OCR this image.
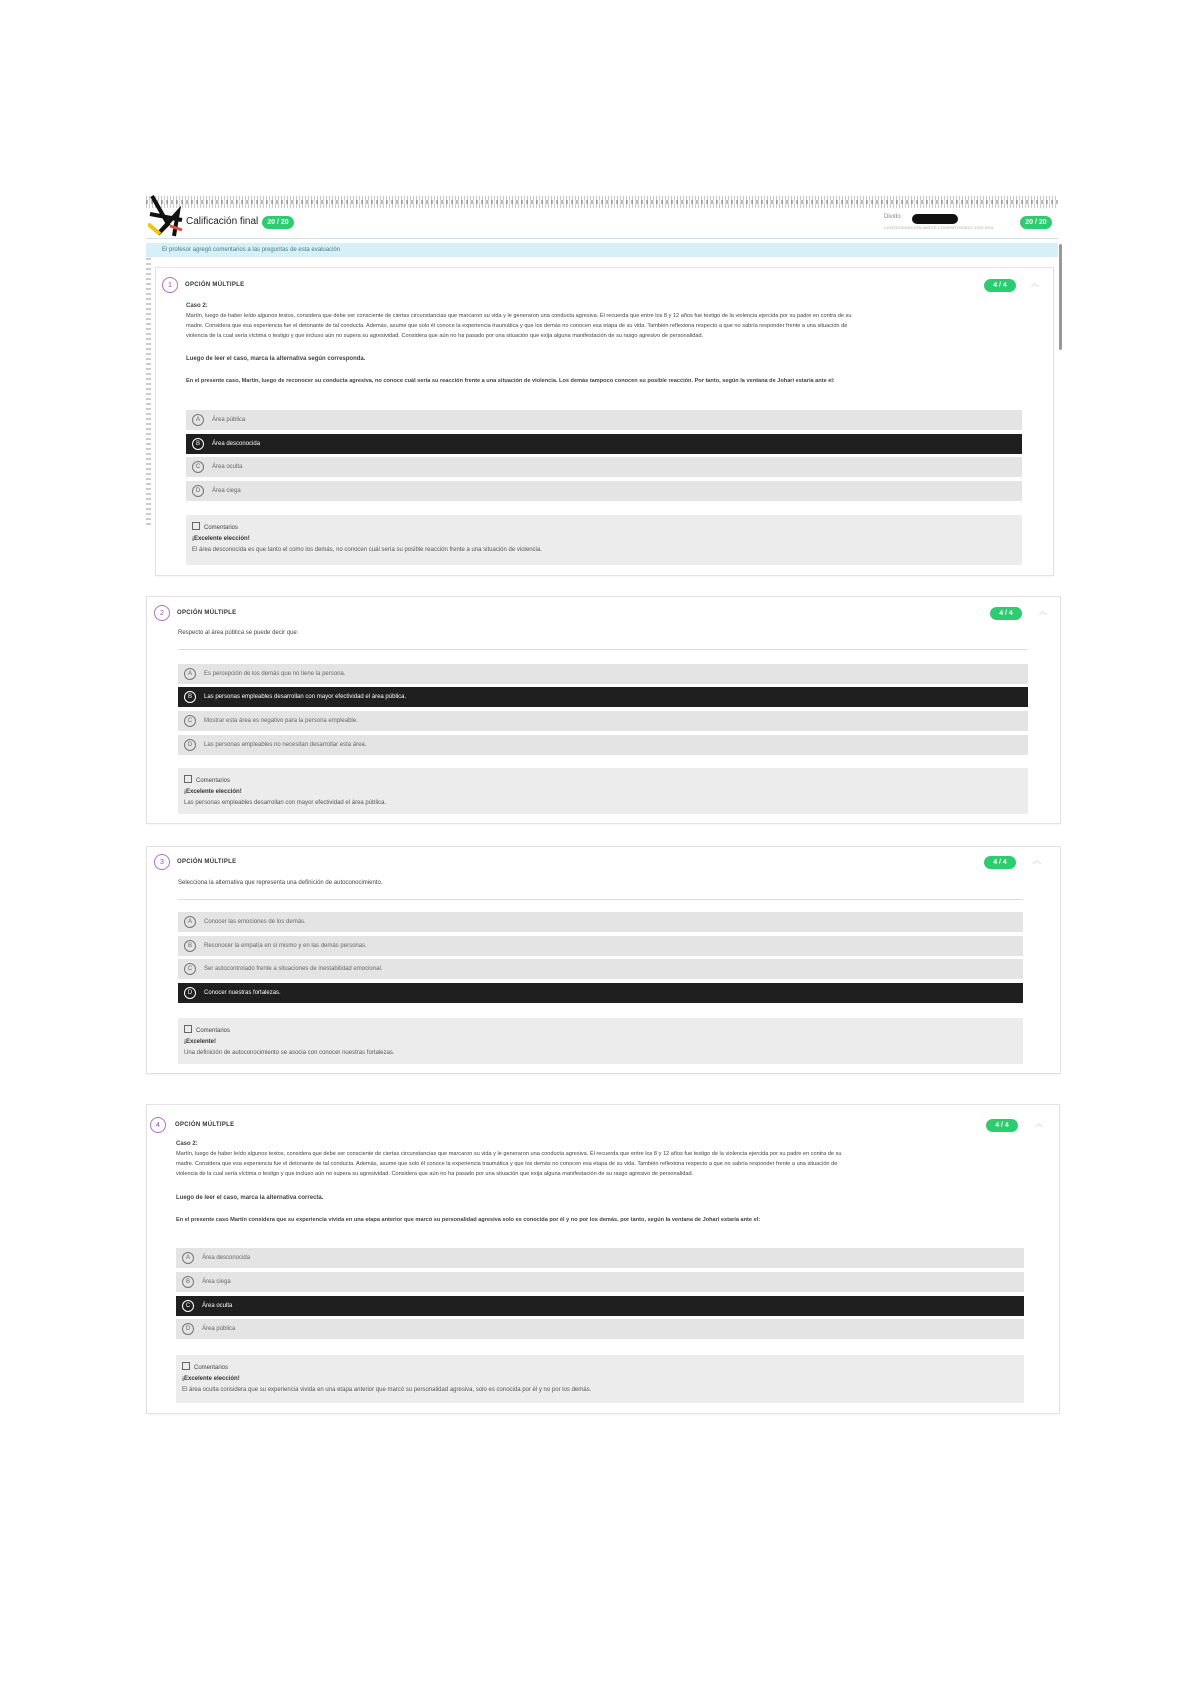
Calificación final	20 / 20
Divido
CONFEDERACIÓN NIÑOS COMPARTIENDO 2020 BS4
20 / 20
El profesor agregó comentarios a las preguntas de esta evaluación
1	OPCIÓN MÚLTIPLE	4 / 4	︿
Caso 2:
Martín, luego de haber leído algunos textos, considera que debe ser consciente de ciertas circunstancias que marcaron su vida y le generaron una conducta agresiva. Él recuerda que entre los 8 y 12 años fue testigo de la violencia ejercida por su padre en contra de su
madre. Considera que esa experiencia fue el detonante de tal conducta. Además, asume que solo él conoce la experiencia traumática y que los demás no conocen esa etapa de su vida. También reflexiona respecto a que no sabría responder frente a una situación de
violencia de la cual sería víctima o testigo y que incluso aún no supera su agresividad. Considera que aún no ha pasado por una situación que exija alguna manifestación de su rasgo agresivo de personalidad.
Luego de leer el caso, marca la alternativa según corresponda.
En el presente caso, Martín, luego de reconocer su conducta agresiva, no conoce cuál sería su reacción frente a una situación de violencia. Los demás tampoco conocen su posible reacción. Por tanto, según la ventana de Johari estaría ante el:
A	Área pública
B	Área desconocida
C	Área oculta
D	Área ciega
Comentarios
¡Excelente elección!
El área desconocida es que tanto el como los demás, no conocen cuál sería su posible reacción frente a una situación de violencia.
2	OPCIÓN MÚLTIPLE	4 / 4	︿
Respecto al área pública se puede decir que:
A	Es percepción de los demás que no tiene la persona.
B	Las personas empleables desarrollan con mayor efectividad el área pública.
C	Mostrar esta área es negativo para la persona empleable.
D	Las personas empleables no necesitan desarrollar esta área.
Comentarios
¡Excelente elección!
Las personas empleables desarrollan con mayor efectividad el área pública.
3	OPCIÓN MÚLTIPLE	4 / 4	︿
Selecciona la alternativa que representa una definición de autoconocimiento.
A	Conocer las emociones de los demás.
B	Reconocer la empatía en sí mismo y en las demás personas.
C	Ser autocontrolado frente a situaciones de inestabilidad emocional.
D	Conocer nuestras fortalezas.
Comentarios
¡Excelente!
Una definición de autoconocimiento se asocia con conocer nuestras fortalezas.
4	OPCIÓN MÚLTIPLE	4 / 4	︿
Caso 2:
Martín, luego de haber leído algunos textos, considera que debe ser consciente de ciertas circunstancias que marcaron su vida y le generaron una conducta agresiva. Él recuerda que entre los 8 y 12 años fue testigo de la violencia ejercida por su padre en contra de su
madre. Considera que esa experiencia fue el detonante de tal conducta. Además, asume que solo él conoce la experiencia traumática y que los demás no conocen esa etapa de su vida. También reflexiona respecto a que no sabría responder frente a una situación de
violencia de la cual sería víctima o testigo y que incluso aún no supera su agresividad. Considera que aún no ha pasado por una situación que exija alguna manifestación de su rasgo agresivo de personalidad.
Luego de leer el caso, marca la alternativa correcta.
En el presente caso Martín considera que su experiencia vivida en una etapa anterior que marcó su personalidad agresiva solo es conocida por él y no por los demás, por tanto, según la ventana de Johari estaría ante el:
A	Área desconocida
B	Área ciega
C	Área oculta
D	Área pública
Comentarios
¡Excelente elección!
El área oculta considera que su experiencia vivida en una etapa anterior que marcó su personalidad agresiva, solo es conocida por él y no por los demás.
